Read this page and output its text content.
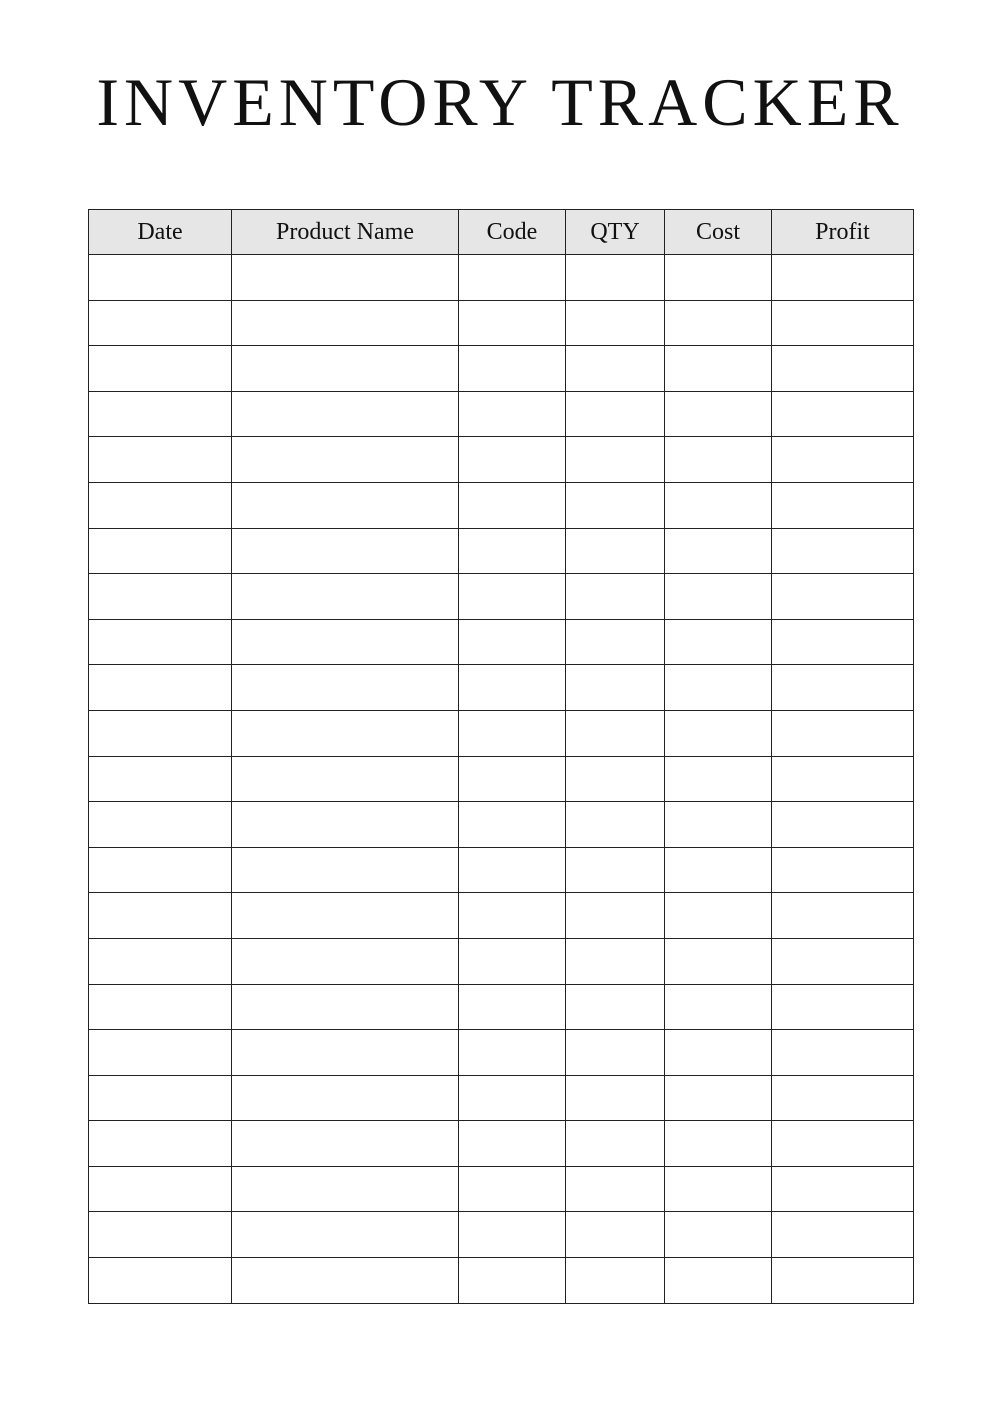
INVENTORY TRACKER
Date	Product Name	Code	QTY	Cost	Profit
